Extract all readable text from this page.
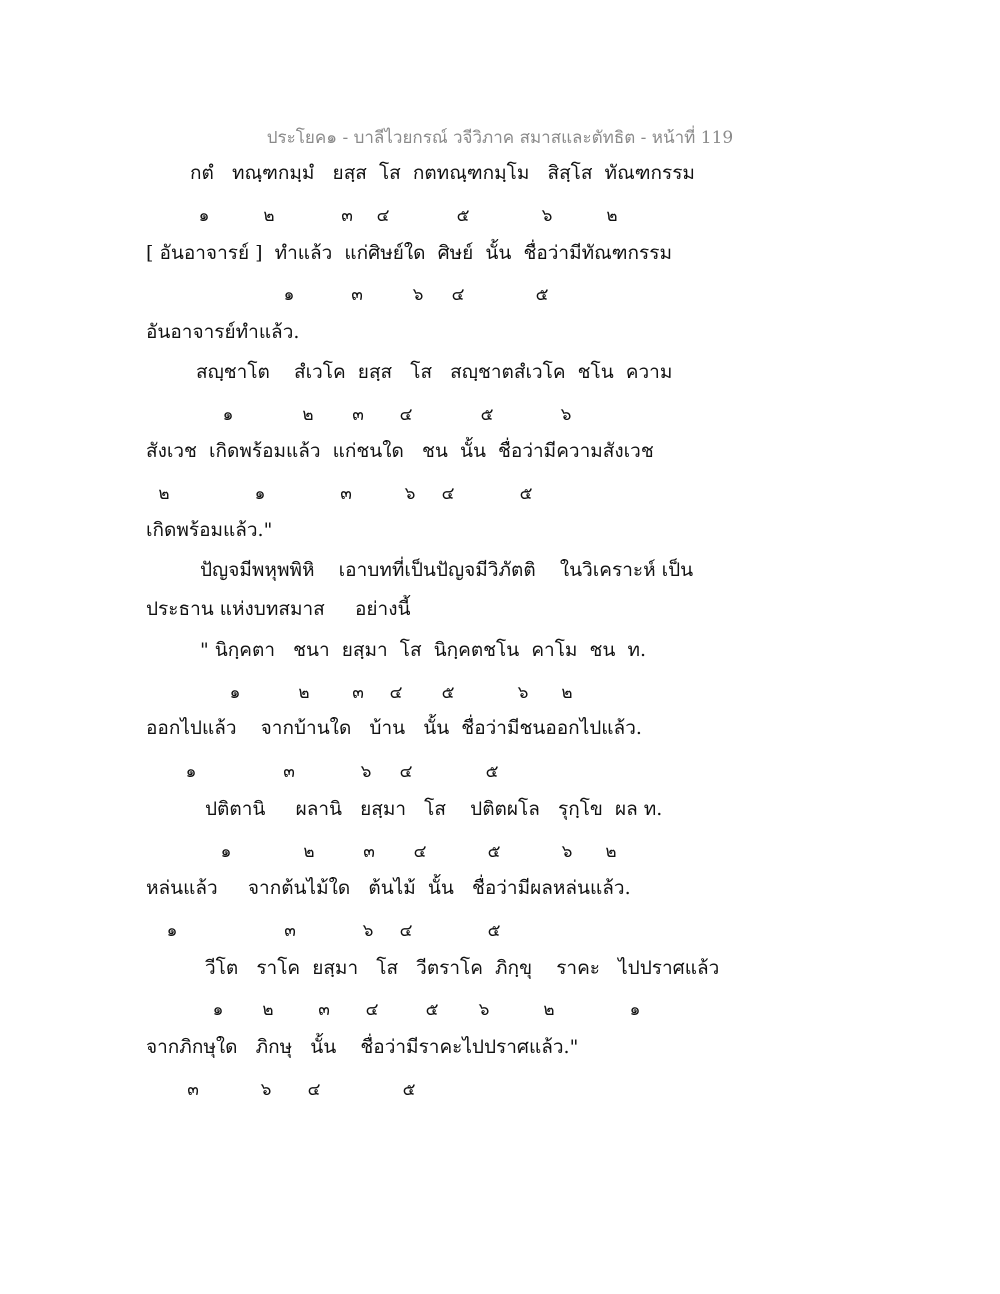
ประโยค๑ - บาลีไวยกรณ์ วจีวิภาค สมาสและตัทธิต - หน้าที่ 119
กตํ   ทณฺฑกมฺมํ   ยสฺส  โส  กตทณฺฑกมฺโม   สิสฺโส  ทัณฑกรรม
[ อันอาจารย์ ]  ทำแล้ว  แก่ศิษย์ใด  ศิษย์  นั้น  ชื่อว่ามีทัณฑกรรม
อันอาจารย์ทำแล้ว.
สญฺชาโต    สํเวโค  ยสฺส   โส   สญฺชาตสํเวโค  ชโน  ความ
สังเวช  เกิดพร้อมแล้ว  แก่ชนใด   ชน  นั้น  ชื่อว่ามีความสังเวช
เกิดพร้อมแล้ว."
ปัญจมีพหุพพิหิ    เอาบทที่เป็นปัญจมีวิภัตติ    ในวิเคราะห์ เป็น
ประธาน แห่งบทสมาส     อย่างนี้
" นิกฺคตา   ชนา  ยสฺมา  โส  นิกฺคตชโน  คาโม  ชน  ท.
ออกไปแล้ว    จากบ้านใด   บ้าน   นั้น  ชื่อว่ามีชนออกไปแล้ว.
ปติตานิ     ผลานิ   ยสฺมา   โส    ปติตผโล   รุกฺโข  ผล ท.
หล่นแล้ว     จากต้นไม้ใด   ต้นไม้  นั้น   ชื่อว่ามีผลหล่นแล้ว.
วีโต   ราโค  ยสฺมา   โส   วีตราโค  ภิกฺขุ    ราคะ   ไปปราศแล้ว
จากภิกษุใด   ภิกษุ   นั้น    ชื่อว่ามีราคะไปปราศแล้ว."
๑	๒	๓ ๔	๕	๖	๒
๑	๓	๖ ๔	๕
๑	๒ ๓ ๔	๕	๖
๒	๑	๓	๖ ๔	๕
๑	๒	๓ ๔ ๕	๖ ๒
๑	๓	๖ ๔	๕
๑	๒	๓ ๔	๕	๖ ๒
๑	๓	๖ ๔	๕
๑ ๒	๓ ๔	๕ ๖	๒	๑
๓	๖ ๔	๕
